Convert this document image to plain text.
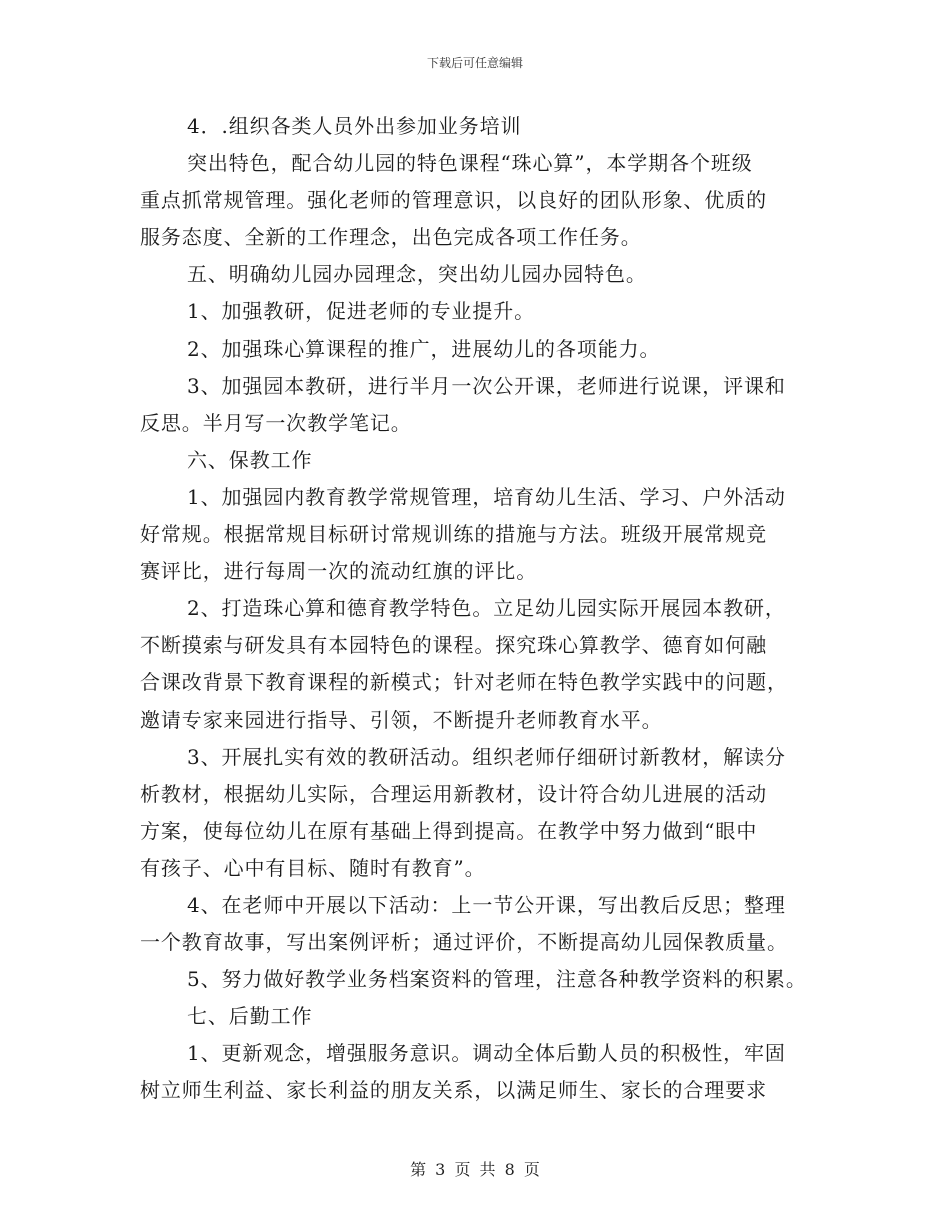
下载后可任意编辑
4．.组织各类人员外出参加业务培训
突出特色，配合幼儿园的特色课程“珠心算”，本学期各个班级
重点抓常规管理。强化老师的管理意识，以良好的团队形象、优质的
服务态度、全新的工作理念，出色完成各项工作任务。
五、明确幼儿园办园理念，突出幼儿园办园特色。
1、加强教研，促进老师的专业提升。
2、加强珠心算课程的推广，进展幼儿的各项能力。
3、加强园本教研，进行半月一次公开课，老师进行说课，评课和
反思。半月写一次教学笔记。
六、保教工作
1、加强园内教育教学常规管理，培育幼儿生活、学习、户外活动
好常规。根据常规目标研讨常规训练的措施与方法。班级开展常规竞
赛评比，进行每周一次的流动红旗的评比。
2、打造珠心算和德育教学特色。立足幼儿园实际开展园本教研，
不断摸索与研发具有本园特色的课程。探究珠心算教学、德育如何融
合课改背景下教育课程的新模式；针对老师在特色教学实践中的问题，
邀请专家来园进行指导、引领，不断提升老师教育水平。
3、开展扎实有效的教研活动。组织老师仔细研讨新教材，解读分
析教材，根据幼儿实际，合理运用新教材，设计符合幼儿进展的活动
方案，使每位幼儿在原有基础上得到提高。在教学中努力做到“眼中
有孩子、心中有目标、随时有教育”。
4、在老师中开展以下活动：上一节公开课，写出教后反思；整理
一个教育故事，写出案例评析；通过评价，不断提高幼儿园保教质量。
5、努力做好教学业务档案资料的管理，注意各种教学资料的积累。
七、后勤工作
1、更新观念，增强服务意识。调动全体后勤人员的积极性，牢固
树立师生利益、家长利益的朋友关系，以满足师生、家长的合理要求
第 3 页 共 8 页
